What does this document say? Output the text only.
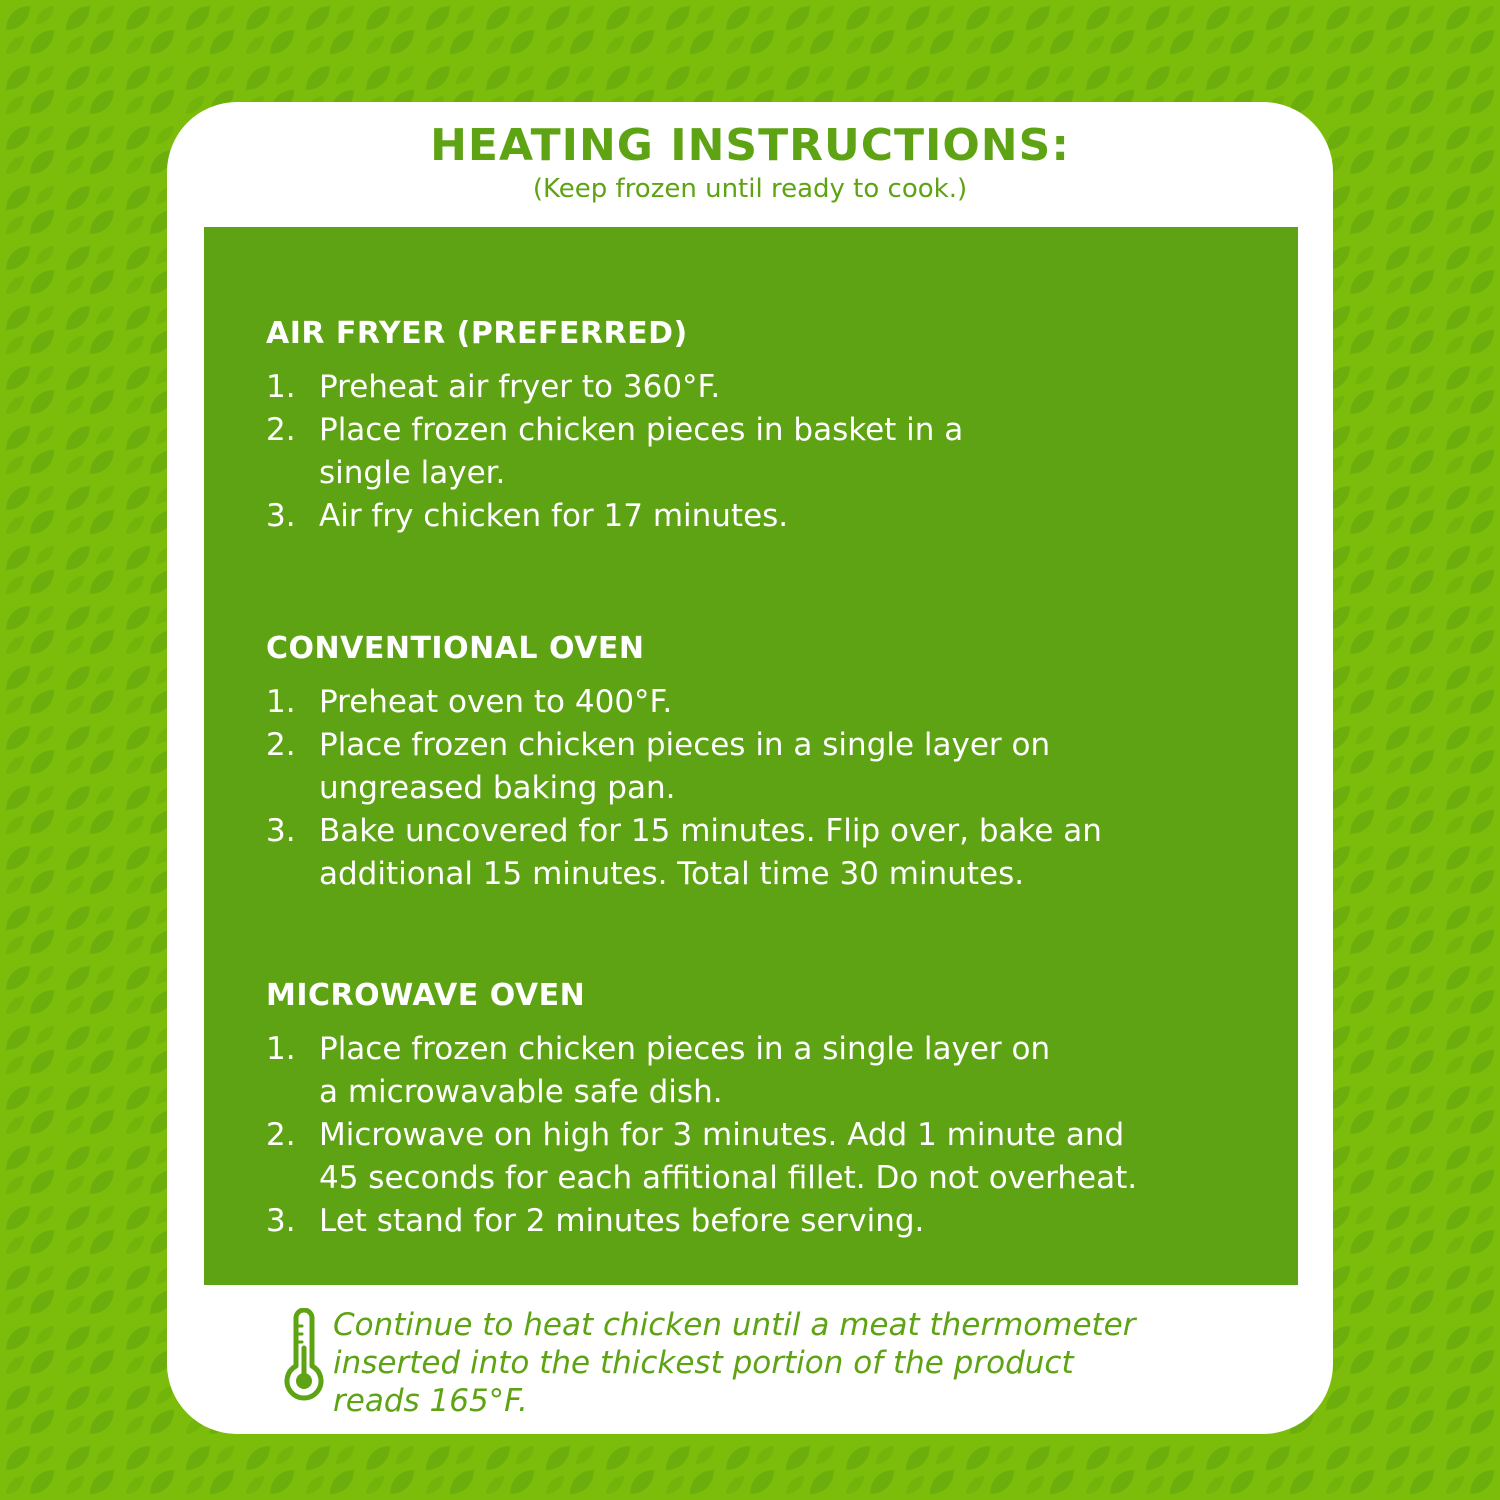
HEATING INSTRUCTIONS:
(Keep frozen until ready to cook.)
AIR FRYER (PREFERRED)
1. Preheat air fryer to 360°F.
2. Place frozen chicken pieces in basket in a
single layer.
3. Air fry chicken for 17 minutes.
CONVENTIONAL OVEN
1. Preheat oven to 400°F.
2. Place frozen chicken pieces in a single layer on
ungreased baking pan.
3. Bake uncovered for 15 minutes. Flip over, bake an
additional 15 minutes. Total time 30 minutes.
MICROWAVE OVEN
1. Place frozen chicken pieces in a single layer on
a microwavable safe dish.
2. Microwave on high for 3 minutes. Add 1 minute and
45 seconds for each affitional fillet. Do not overheat.
3. Let stand for 2 minutes before serving.
Continue to heat chicken until a meat thermometer
inserted into the thickest portion of the product
reads 165°F.
